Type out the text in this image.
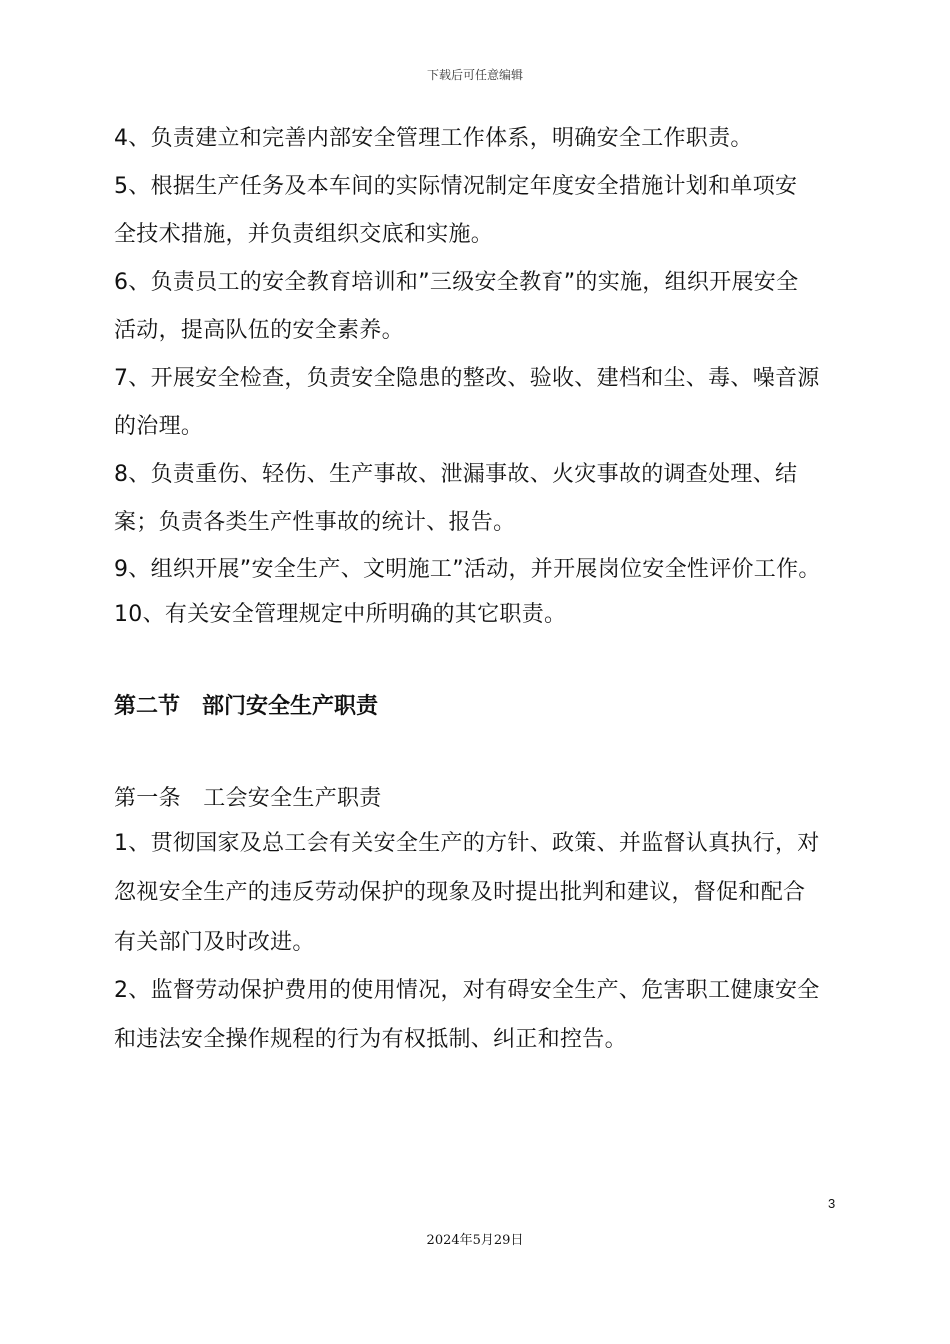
下载后可任意编辑
4、负责建立和完善内部安全管理工作体系，明确安全工作职责。
5、根据生产任务及本车间的实际情况制定年度安全措施计划和单项安
全技术措施，并负责组织交底和实施。
6、负责员工的安全教育培训和”三级安全教育”的实施，组织开展安全
活动，提高队伍的安全素养。
7、开展安全检查，负责安全隐患的整改、验收、建档和尘、毒、噪音源
的治理。
8、负责重伤、轻伤、生产事故、泄漏事故、火灾事故的调查处理、结
案；负责各类生产性事故的统计、报告。
9、组织开展”安全生产、文明施工”活动，并开展岗位安全性评价工作。
10、有关安全管理规定中所明确的其它职责。
第二节　部门安全生产职责
第一条　工会安全生产职责
1、贯彻国家及总工会有关安全生产的方针、政策、并监督认真执行，对
忽视安全生产的违反劳动保护的现象及时提出批判和建议，督促和配合
有关部门及时改进。
2、监督劳动保护费用的使用情况，对有碍安全生产、危害职工健康安全
和违法安全操作规程的行为有权抵制、纠正和控告。
3
2024年5月29日
